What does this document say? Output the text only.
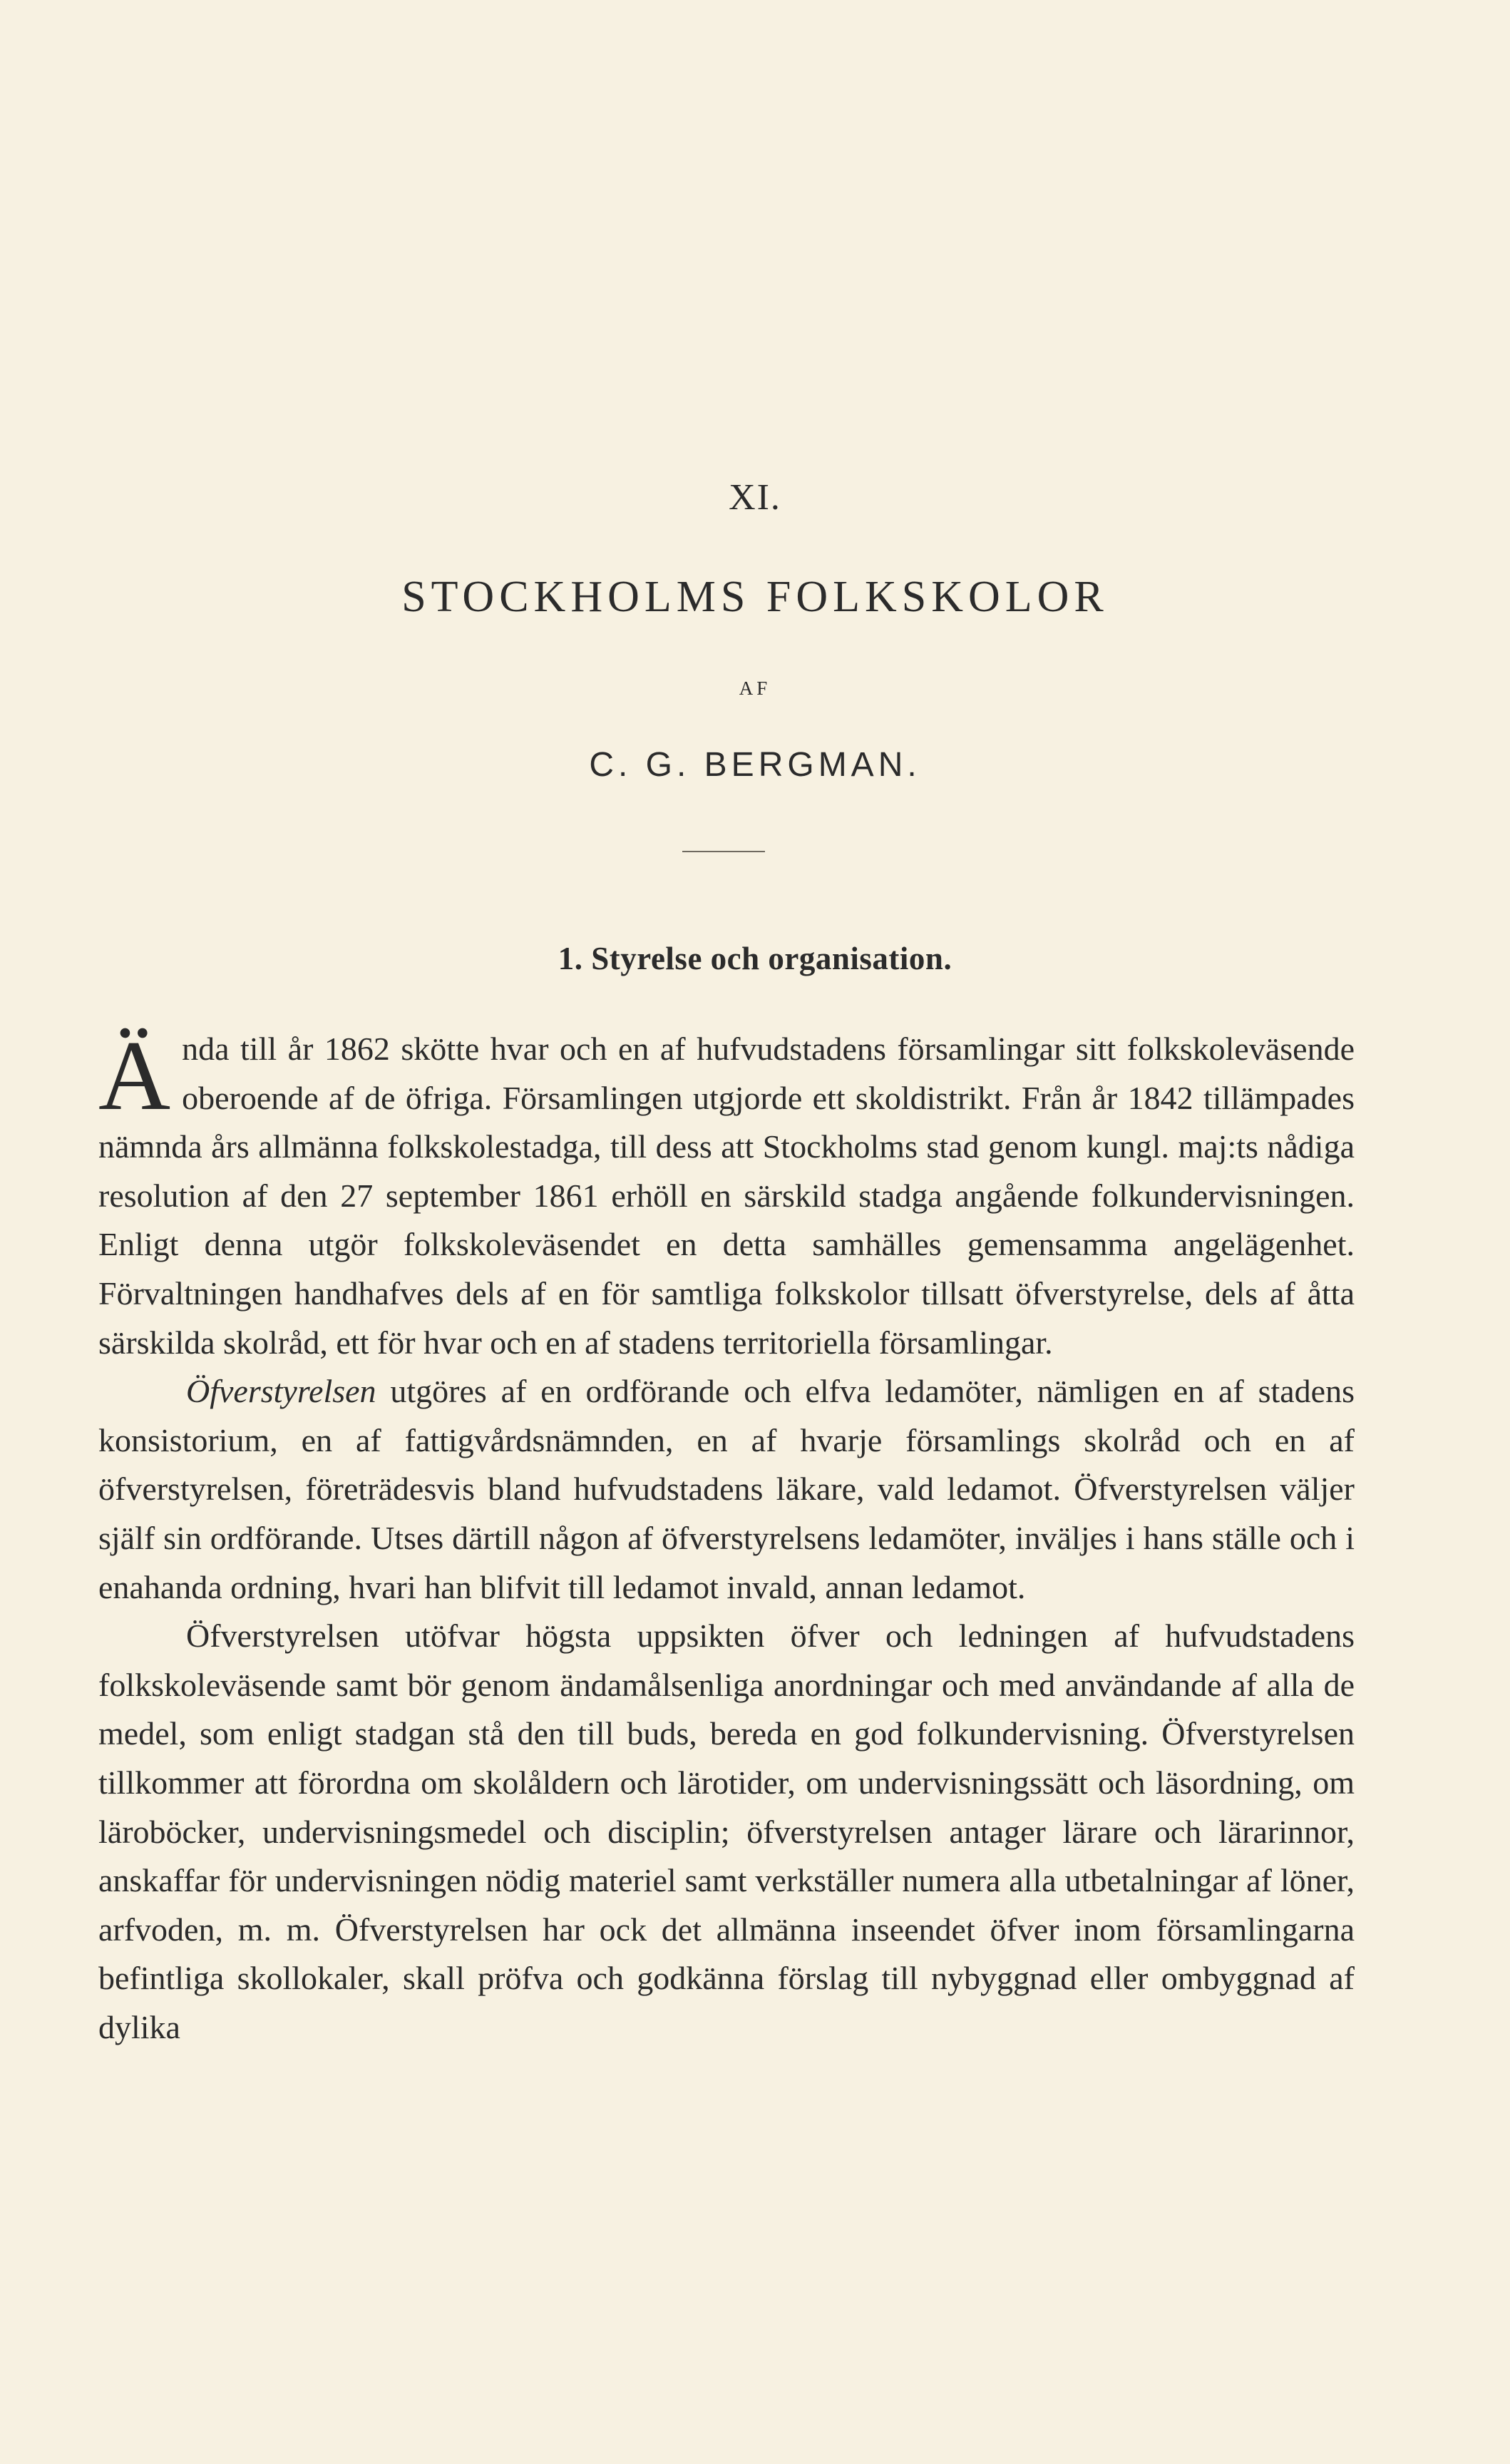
XI.
STOCKHOLMS FOLKSKOLOR
AF
C. G. BERGMAN.
1. Styrelse och organisation.

Ända till år 1862 skötte hvar och en af hufvudstadens församlingar sitt folkskoleväsende oberoende af de öfriga. Församlingen utgjorde ett skoldistrikt. Från år 1842 tillämpades nämnda års allmänna folkskolestadga, till dess att Stockholms stad genom kungl. maj:ts nådiga resolution af den 27 september 1861 erhöll en särskild stadga angående folkundervisningen. Enligt denna utgör folkskoleväsendet en detta samhälles gemensamma angelägenhet. Förvaltningen handhafves dels af en för samtliga folkskolor tillsatt öfverstyrelse, dels af åtta särskilda skolråd, ett för hvar och en af stadens territoriella församlingar.

Öfverstyrelsen utgöres af en ordförande och elfva ledamöter, nämligen en af stadens konsistorium, en af fattigvårdsnämnden, en af hvarje församlings skolråd och en af öfverstyrelsen, företrädesvis bland hufvudstadens läkare, vald ledamot. Öfverstyrelsen väljer själf sin ordförande. Utses därtill någon af öfverstyrelsens ledamöter, inväljes i hans ställe och i enahanda ordning, hvari han blifvit till ledamot invald, annan ledamot.

Öfverstyrelsen utöfvar högsta uppsikten öfver och ledningen af hufvudstadens folkskoleväsende samt bör genom ändamålsenliga anordningar och med användande af alla de medel, som enligt stadgan stå den till buds, bereda en god folkundervisning. Öfverstyrelsen tillkommer att förordna om skolåldern och lärotider, om undervisningssätt och läsordning, om läroböcker, undervisningsmedel och disciplin; öfverstyrelsen antager lärare och lärarinnor, anskaffar för undervisningen nödig materiel samt verkställer numera alla utbetalningar af löner, arfvoden, m. m. Öfverstyrelsen har ock det allmänna inseendet öfver inom församlingarna befintliga skollokaler, skall pröfva och godkänna förslag till nybyggnad eller ombyggnad af dylika
